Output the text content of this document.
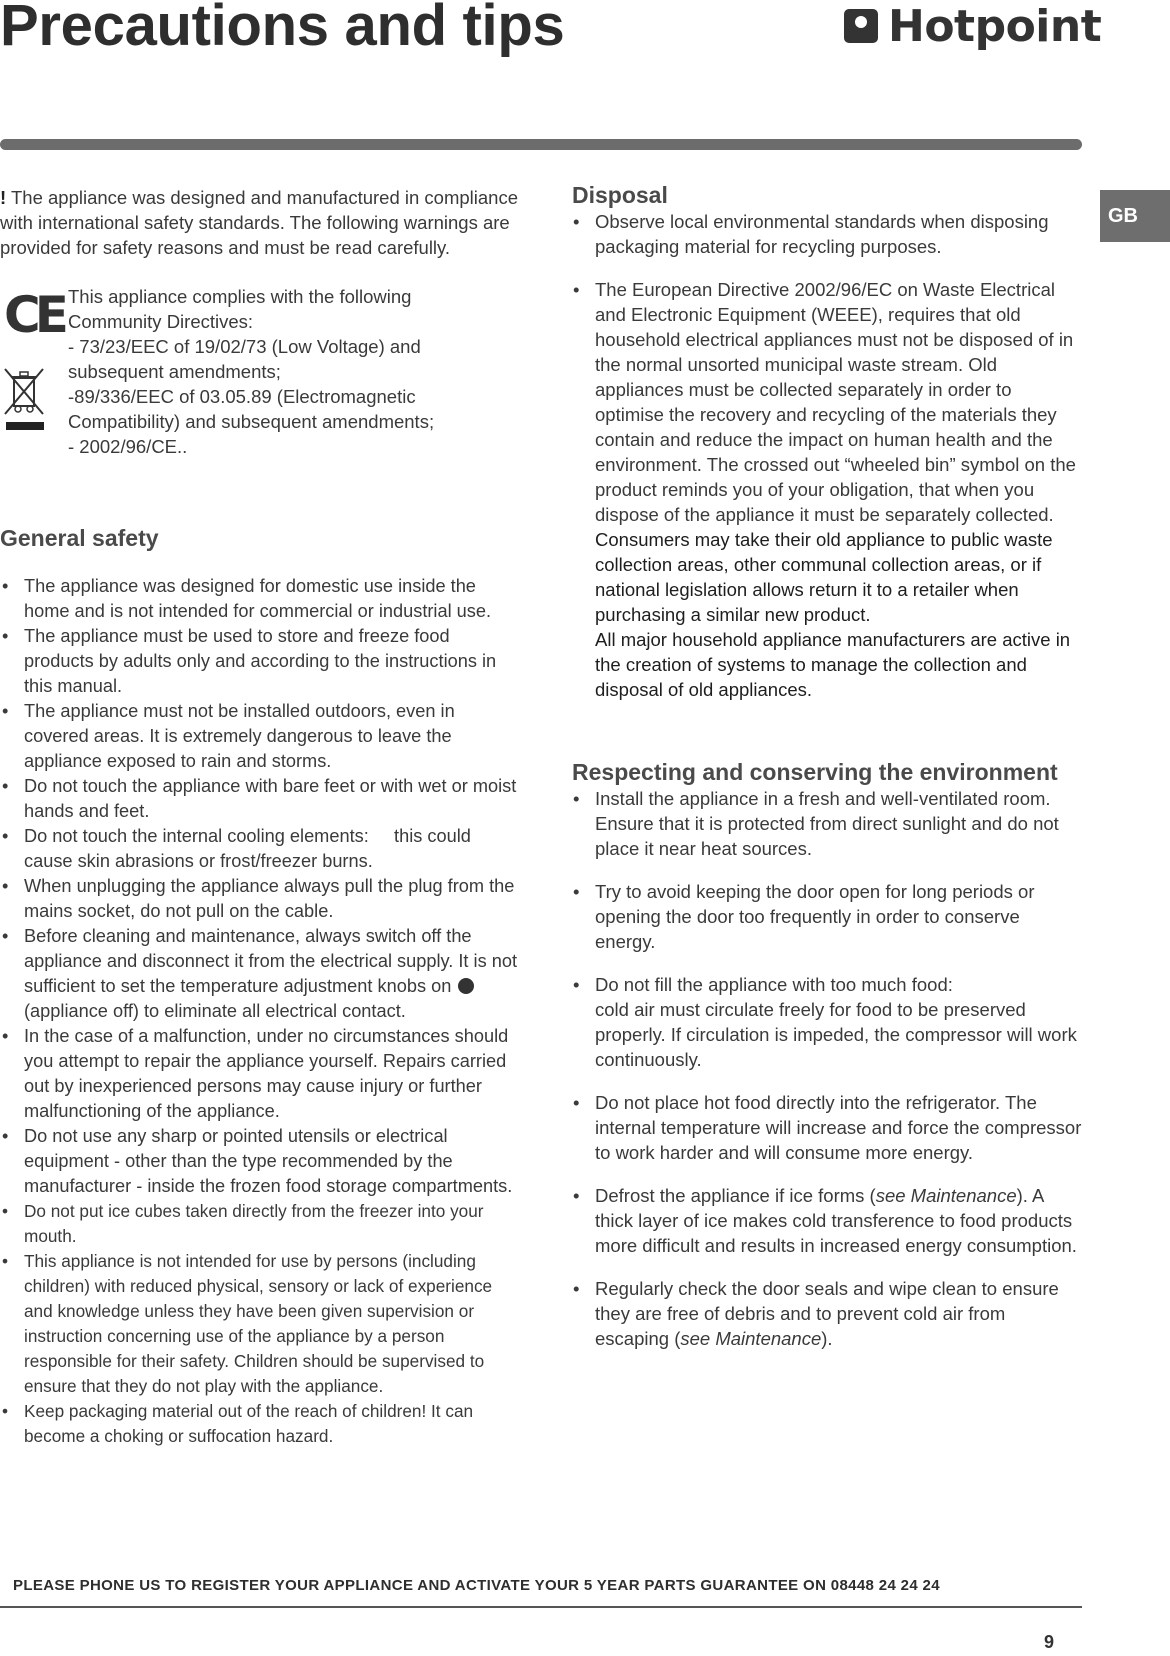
Precautions and tips	Hotpoint
GB

! The appliance was designed and manufactured in compliance with international safety standards. The following warnings are provided for safety reasons and must be read carefully.

CE This appliance complies with the following

Community Directives:

- 73/23/EEC of 19/02/73 (Low Voltage) and

subsequent amendments;

-89/336/EEC of 03.05.89 (Electromagnetic

Compatibility) and subsequent amendments;

- 2002/96/CE..

General safety
• The appliance was designed for domestic use inside the home and is not intended for commercial or industrial use.
• The appliance must be used to store and freeze food products by adults only and according to the instructions in this manual.
• The appliance must not be installed outdoors, even in covered areas. It is extremely dangerous to leave the appliance exposed to rain and storms.
• Do not touch the appliance with bare feet or with wet or moist hands and feet.
• Do not touch the internal cooling elements:     this could cause skin abrasions or frost/freezer burns.
• When unplugging the appliance always pull the plug from the mains socket, do not pull on the cable.
• Before cleaning and maintenance, always switch off the appliance and disconnect it from the electrical supply. It is not sufficient to set the temperature adjustment knobs on  (appliance off) to eliminate all electrical contact.
• In the case of a malfunction, under no circumstances should you attempt to repair the appliance yourself. Repairs carried out by inexperienced persons may cause injury or further malfunctioning of the appliance.
• Do not use any sharp or pointed utensils or electrical equipment - other than the type recommended by the manufacturer - inside the frozen food storage compartments.
• Do not put ice cubes taken directly from the freezer into your mouth.
• This appliance is not intended for use by persons (including children) with reduced physical, sensory or lack of experience and knowledge unless they have been given supervision or instruction concerning use of the appliance by a person responsible for their safety. Children should be supervised to ensure that they do not play with the appliance.
• Keep packaging material out of the reach of children! It can become a choking or suffocation hazard.
Disposal
• Observe local environmental standards when disposing packaging material for recycling purposes.
• The European Directive 2002/96/EC on Waste Electrical and Electronic Equipment (WEEE), requires that old household electrical appliances must not be disposed of in the normal unsorted municipal waste stream. Old appliances must be collected separately in order to optimise the recovery and recycling of the materials they contain and reduce the impact on human health and the environment. The crossed out “wheeled bin” symbol on the product reminds you of your obligation, that when you dispose of the appliance it must be separately collected.
Consumers may take their old appliance to public waste collection areas, other communal collection areas, or if national legislation allows return it to a retailer when purchasing a similar new product.
All major household appliance manufacturers are active in the creation of systems to manage the collection and disposal of old appliances.
Respecting and conserving the environment
• Install the appliance in a fresh and well-ventilated room. Ensure that it is protected from direct sunlight and do not place it near heat sources.
• Try to avoid keeping the door open for long periods or opening the door too frequently in order to conserve energy.
• Do not fill the appliance with too much food:
cold air must circulate freely for food to be preserved properly. If circulation is impeded, the compressor will work continuously.
• Do not place hot food directly into the refrigerator. The internal temperature will increase and force the compressor to work harder and will consume more energy.
• Defrost the appliance if ice forms (see Maintenance). A thick layer of ice makes cold transference to food products more difficult and results in increased energy consumption.
• Regularly check the door seals and wipe clean to ensure they are free of debris and to prevent cold air from escaping (see Maintenance).
PLEASE PHONE US TO REGISTER YOUR APPLIANCE AND ACTIVATE YOUR 5 YEAR PARTS GUARANTEE ON 08448 24 24 24
9
